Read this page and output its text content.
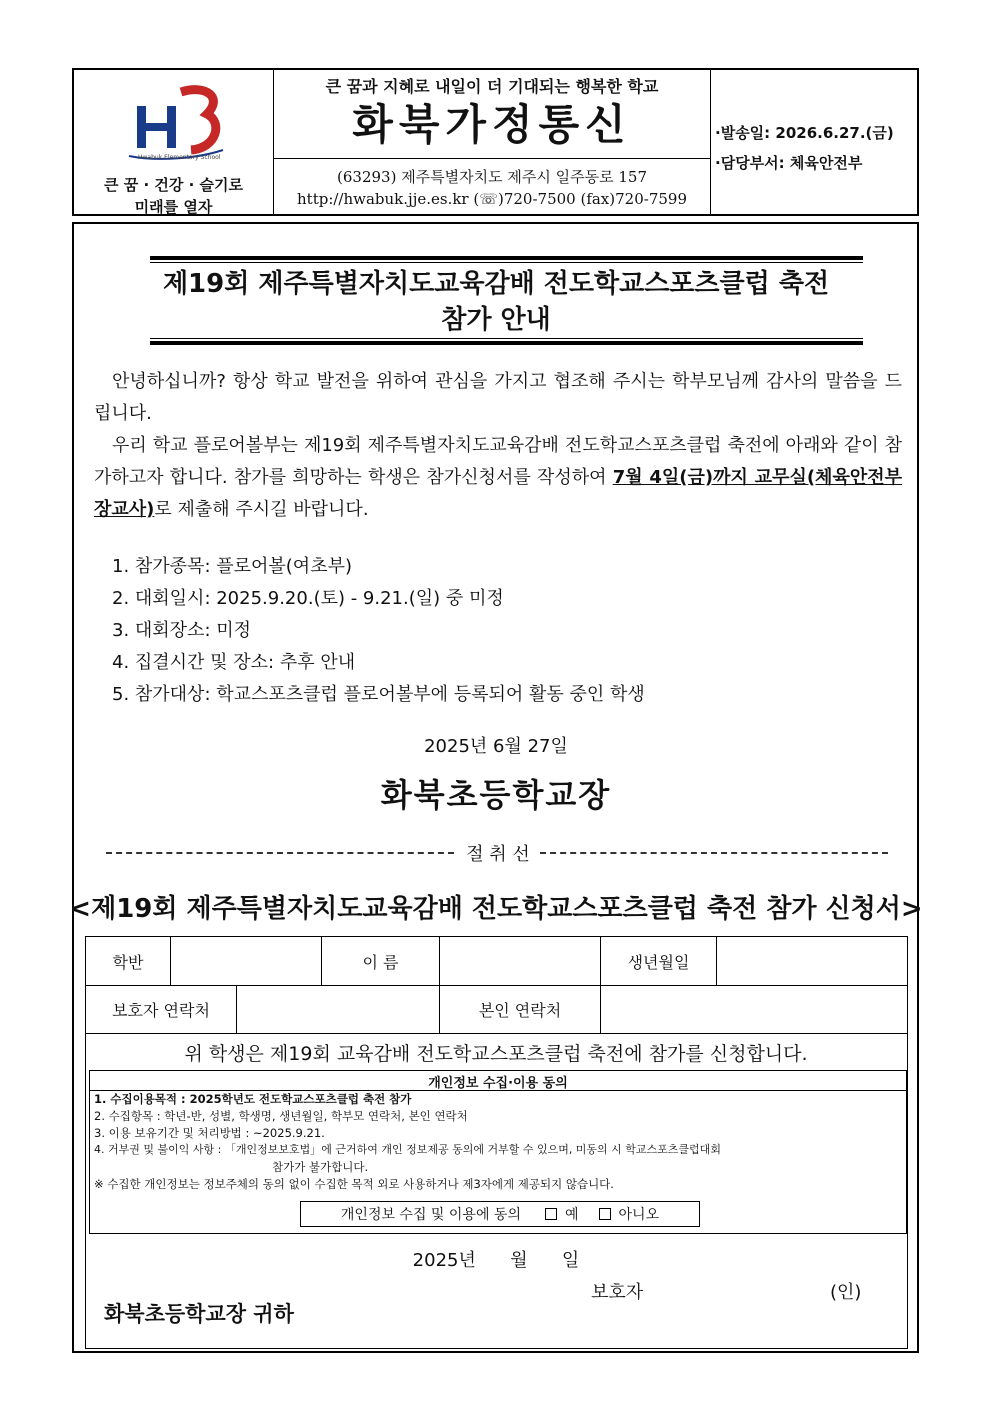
Hwabuk Elementary School
큰 꿈 · 건강 · 슬기로
미래를 열자
큰 꿈과 지혜로 내일이 더 기대되는 행복한 학교
화북가정통신
(63293) 제주특별자치도 제주시 일주동로 157
http://hwabuk.jje.es.kr (☏)720-7500 (fax)720-7599
·발송일: 2026.6.27.(금)
·담당부서: 체육안전부
제19회 제주특별자치도교육감배 전도학교스포츠클럽 축전
참가 안내
안녕하십니까? 항상 학교 발전을 위하여 관심을 가지고 협조해 주시는 학부모님께 감사의 말씀을 드립니다.
우리 학교 플로어볼부는 제19회 제주특별자치도교육감배 전도학교스포츠클럽 축전에 아래와 같이 참가하고자 합니다. 참가를 희망하는 학생은 참가신청서를 작성하여 7월 4일(금)까지 교무실(체육안전부장교사)로 제출해 주시길 바랍니다.
1. 참가종목: 플로어볼(여초부)
2. 대회일시: 2025.9.20.(토) - 9.21.(일) 중 미정
3. 대회장소: 미정
4. 집결시간 및 장소: 추후 안내
5. 참가대상: 학교스포츠클럽 플로어볼부에 등록되어 활동 중인 학생
2025년 6월 27일
화북초등학교장
절 취 선
<제19회 제주특별자치도교육감배 전도학교스포츠클럽 축전 참가 신청서>
학반	이 름	생년월일
보호자 연락처	본인 연락처
위 학생은 제19회 교육감배 전도학교스포츠클럽 축전에 참가를 신청합니다.
개인정보 수집·이용 동의
1. 수집이용목적 : 2025학년도 전도학교스포츠클럽 축전 참가
2. 수집항목 : 학년-반, 성별, 학생명, 생년월일, 학부모 연락처, 본인 연락처
3. 이용 보유기간 및 처리방법 : ~2025.9.21.
4. 거부권 및 불이익 사항 : 「개인정보보호법」에 근거하여 개인 정보제공 동의에 거부할 수 있으며, 미동의 시 학교스포츠클럽대회
참가가 불가합니다.
※ 수집한 개인정보는 정보주체의 동의 없이 수집한 목적 외로 사용하거나 제3자에게 제공되지 않습니다.
개인정보 수집 및 이용에 동의	예	아니오
2025년      월      일
보호자	(인)
화북초등학교장 귀하
